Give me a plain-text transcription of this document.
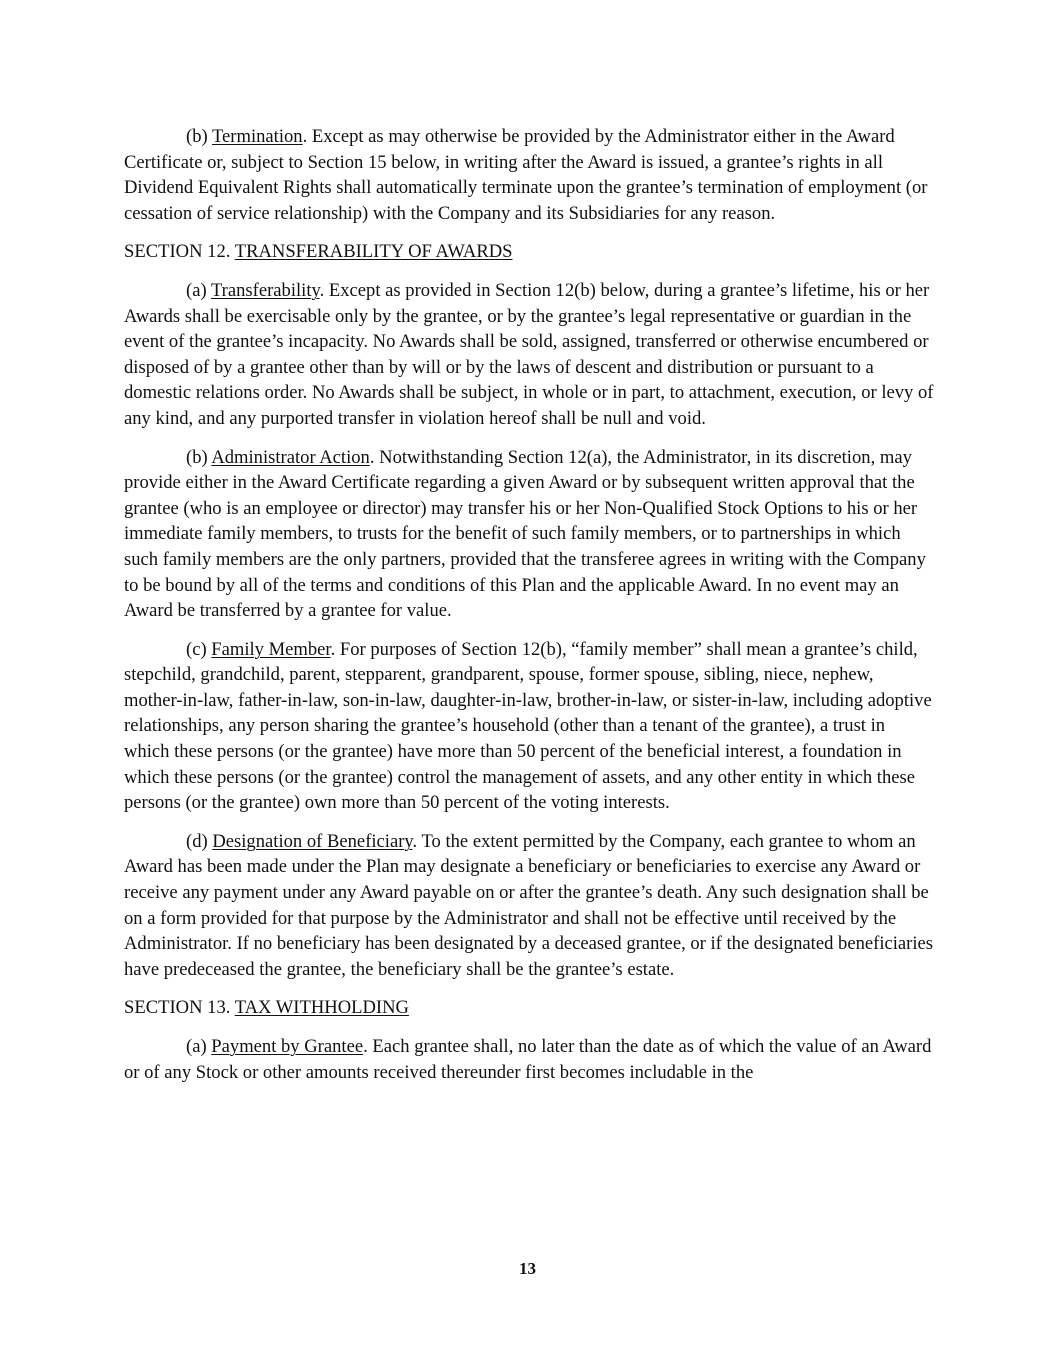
(b) Termination. Except as may otherwise be provided by the Administrator either in the Award Certificate or, subject to Section 15 below, in writing after the Award is issued, a grantee’s rights in all Dividend Equivalent Rights shall automatically terminate upon the grantee’s termination of employment (or cessation of service relationship) with the Company and its Subsidiaries for any reason.

SECTION 12. TRANSFERABILITY OF AWARDS

(a) Transferability. Except as provided in Section 12(b) below, during a grantee’s lifetime, his or her Awards shall be exercisable only by the grantee, or by the grantee’s legal representative or guardian in the event of the grantee’s incapacity. No Awards shall be sold, assigned, transferred or otherwise encumbered or disposed of by a grantee other than by will or by the laws of descent and distribution or pursuant to a domestic relations order. No Awards shall be subject, in whole or in part, to attachment, execution, or levy of any kind, and any purported transfer in violation hereof shall be null and void.

(b) Administrator Action. Notwithstanding Section 12(a), the Administrator, in its discretion, may provide either in the Award Certificate regarding a given Award or by subsequent written approval that the grantee (who is an employee or director) may transfer his or her Non-Qualified Stock Options to his or her immediate family members, to trusts for the benefit of such family members, or to partnerships in which such family members are the only partners, provided that the transferee agrees in writing with the Company to be bound by all of the terms and conditions of this Plan and the applicable Award. In no event may an Award be transferred by a grantee for value.

(c) Family Member. For purposes of Section 12(b), “family member” shall mean a grantee’s child, stepchild, grandchild, parent, stepparent, grandparent, spouse, former spouse, sibling, niece, nephew, mother-in-law, father-in-law, son-in-law, daughter-in-law, brother-in-law, or sister-in-law, including adoptive relationships, any person sharing the grantee’s household (other than a tenant of the grantee), a trust in which these persons (or the grantee) have more than 50 percent of the beneficial interest, a foundation in which these persons (or the grantee) control the management of assets, and any other entity in which these persons (or the grantee) own more than 50 percent of the voting interests.

(d) Designation of Beneficiary. To the extent permitted by the Company, each grantee to whom an Award has been made under the Plan may designate a beneficiary or beneficiaries to exercise any Award or receive any payment under any Award payable on or after the grantee’s death. Any such designation shall be on a form provided for that purpose by the Administrator and shall not be effective until received by the Administrator. If no beneficiary has been designated by a deceased grantee, or if the designated beneficiaries have predeceased the grantee, the beneficiary shall be the grantee’s estate.

SECTION 13. TAX WITHHOLDING

(a) Payment by Grantee. Each grantee shall, no later than the date as of which the value of an Award or of any Stock or other amounts received thereunder first becomes includable in the

13
